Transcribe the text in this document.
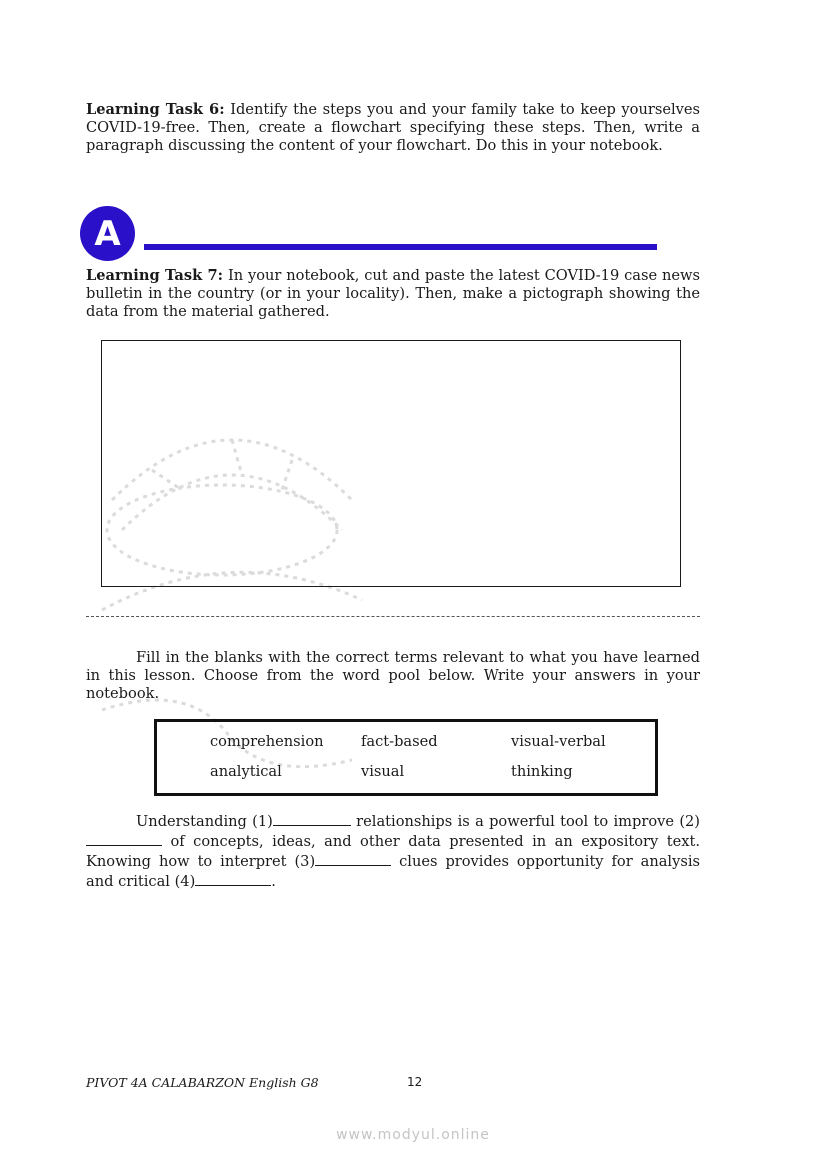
Learning Task 6: Identify the steps you and your family take to keep yourselves COVID-19-free. Then, create a flowchart specifying these steps. Then, write a paragraph discussing the content of your flowchart. Do this in your notebook.

A

Learning Task 7: In your notebook, cut and paste the latest COVID-19 case news bulletin in the country (or in your locality). Then, make a pictograph showing the data from the material gathered.

Fill in the blanks with the correct terms relevant to what you have learned in this lesson. Choose from the word pool below. Write your answers in your notebook.

comprehension	fact-based	visual-verbal
analytical	visual	thinking

Understanding (1)	relationships is a powerful tool to improve (2) of concepts, ideas, and other data presented in an expository text. Knowing how to interpret (3)	clues provides opportunity for analysis and critical (4)	.

PIVOT 4A CALABARZON English G8	12
www.modyul.online
